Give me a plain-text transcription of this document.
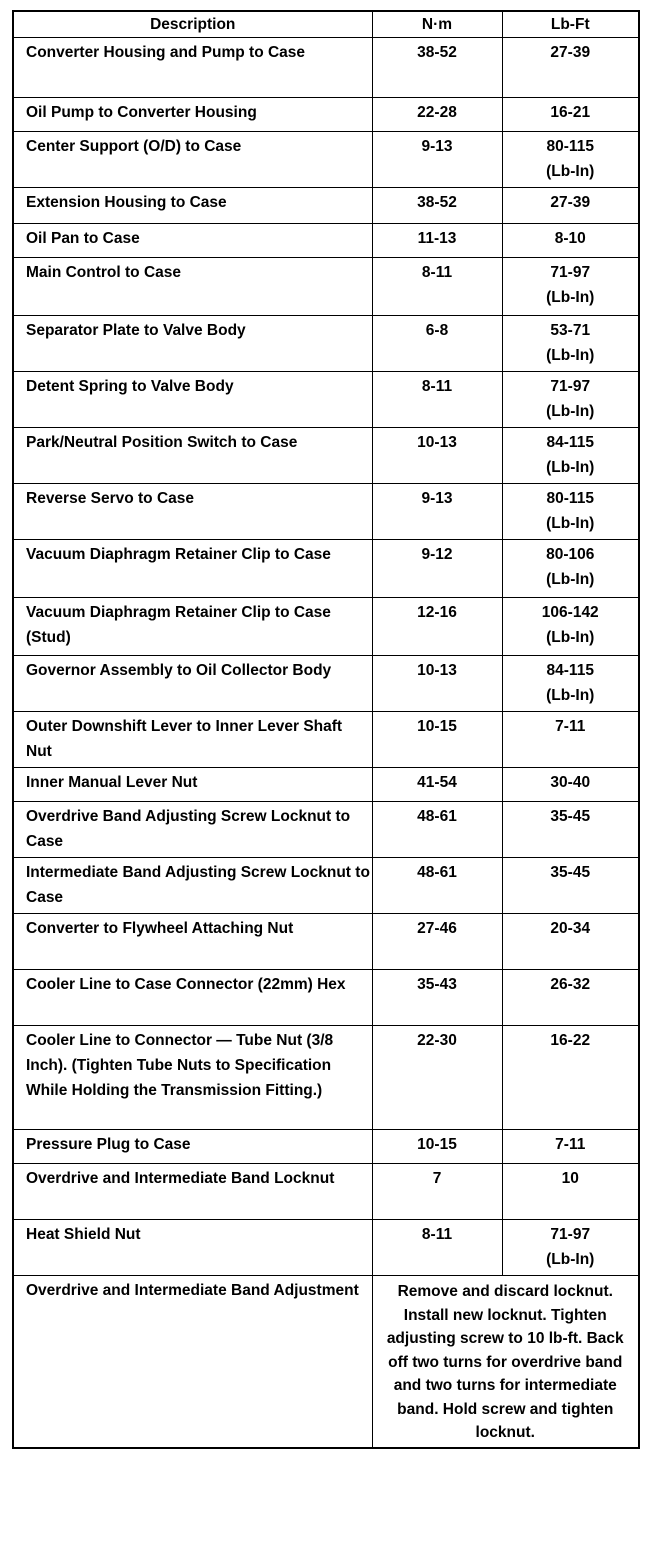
Description	N·m	Lb-Ft
Converter Housing and Pump to Case	38-52	27-39

Oil Pump to Converter Housing	22-28	16-21

Center Support (O/D) to Case	9-13	80-115
(Lb-In)

Extension Housing to Case	38-52	27-39

Oil Pan to Case	11-13	8-10

Main Control to Case	8-11	71-97
(Lb-In)

Separator Plate to Valve Body	6-8	53-71
(Lb-In)

Detent Spring to Valve Body	8-11	71-97
(Lb-In)

Park/Neutral Position Switch to Case	10-13	84-115
(Lb-In)

Reverse Servo to Case	9-13	80-115
(Lb-In)

Vacuum Diaphragm Retainer Clip to Case	9-12	80-106
(Lb-In)

Vacuum Diaphragm Retainer Clip to Case (Stud)	12-16	106-142
(Lb-In)

Governor Assembly to Oil Collector Body	10-13	84-115
(Lb-In)

Outer Downshift Lever to Inner Lever Shaft Nut	10-15	7-11

Inner Manual Lever Nut	41-54	30-40

Overdrive Band Adjusting Screw Locknut to Case	48-61	35-45

Intermediate Band Adjusting Screw Locknut to Case	48-61	35-45

Converter to Flywheel Attaching Nut	27-46	20-34

Cooler Line to Case Connector (22mm) Hex	35-43	26-32

Cooler Line to Connector — Tube Nut (3/8 Inch). (Tighten Tube Nuts to Specification While Holding the Transmission Fitting.)	22-30	16-22

Pressure Plug to Case	10-15	7-11

Overdrive and Intermediate Band Locknut	7	10

Heat Shield Nut	8-11	71-97
(Lb-In)

Overdrive and Intermediate Band Adjustment	Remove and discard locknut. Install new locknut. Tighten adjusting screw to 10 lb-ft. Back off two turns for overdrive band and two turns for intermediate band. Hold screw and tighten locknut.	
